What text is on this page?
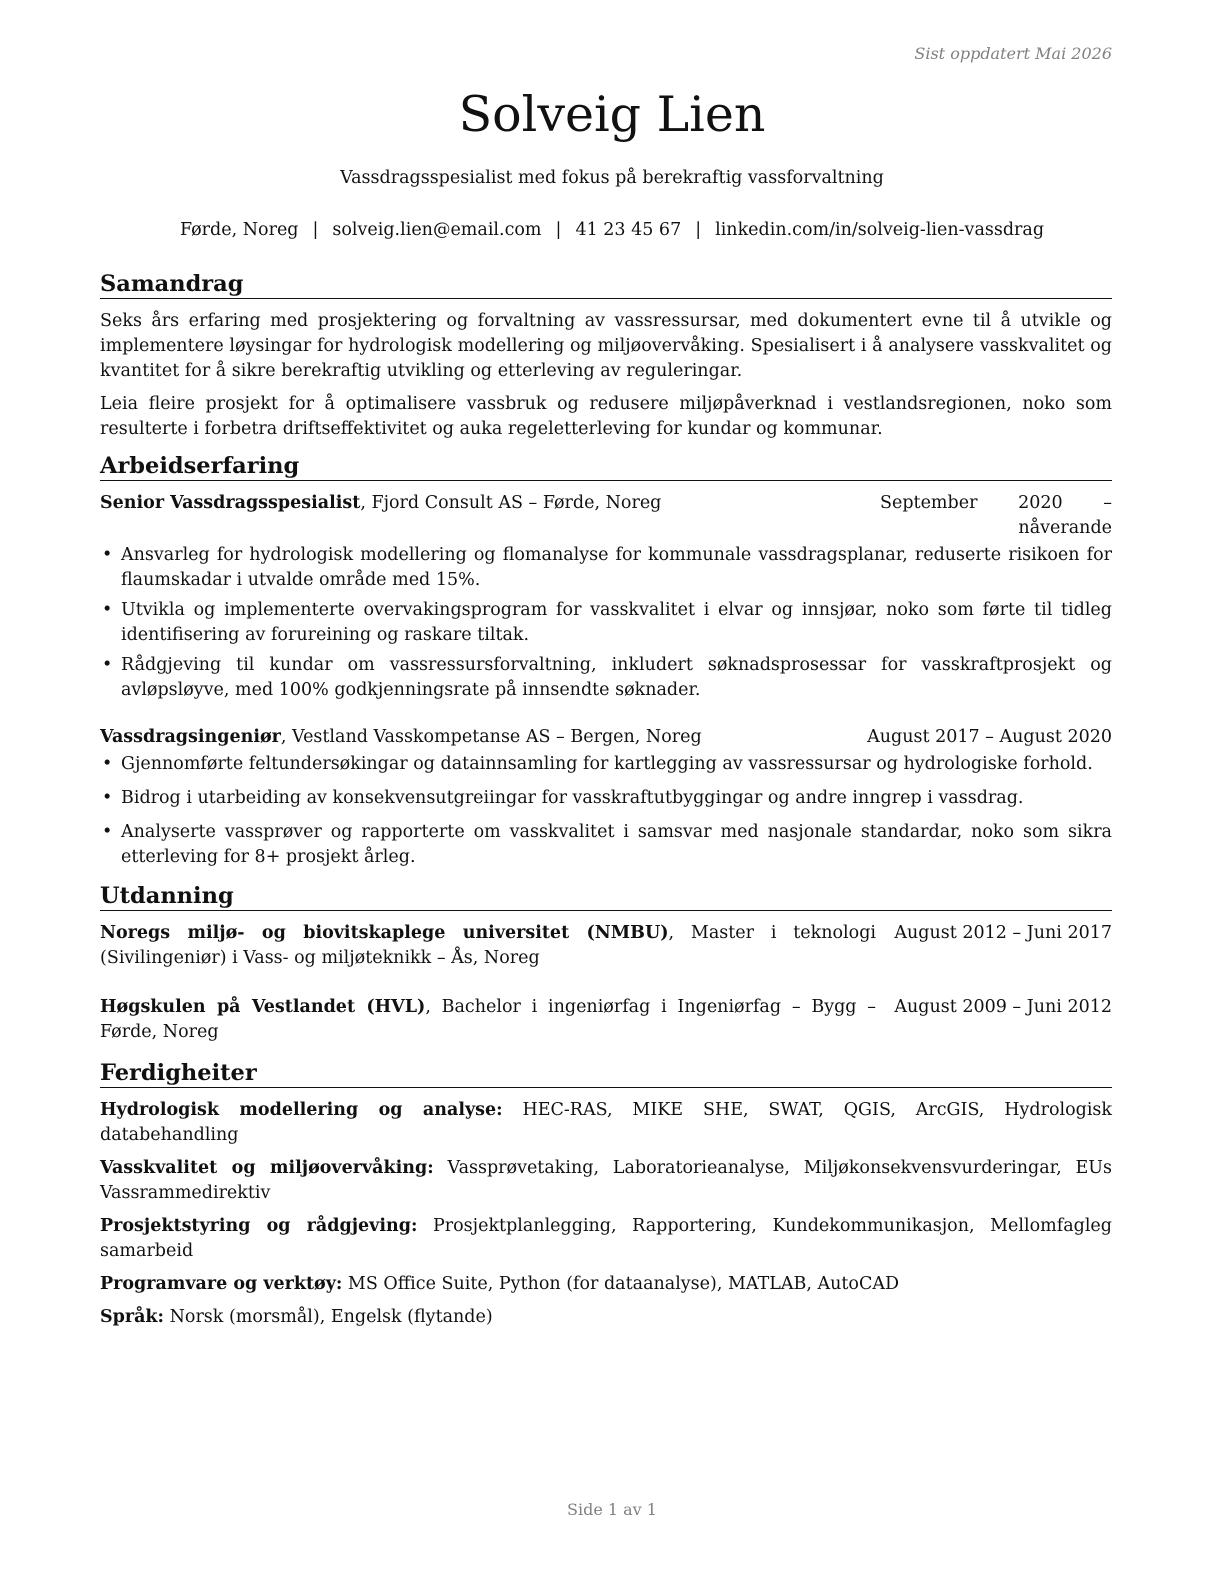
Sist oppdatert Mai 2026
Solveig Lien
Vassdragsspesialist med fokus på berekraftig vassforvaltning
Førde, Noreg | solveig.lien@email.com | 41 23 45 67 | linkedin.com/in/solveig-lien-vassdrag
Samandrag

Seks års erfaring med prosjektering og forvaltning av vassressursar, med dokumentert evne til å utvikle og implementere løysingar for hydrologisk modellering og miljøovervåking. Spesialisert i å analysere vasskvalitet og kvantitet for å sikre berekraftig utvikling og etterleving av reguleringar.

Leia fleire prosjekt for å optimalisere vassbruk og redusere miljøpåverknad i vestlandsregionen, noko som resulterte i forbetra driftseffektivitet og auka regeletterleving for kundar og kommunar.

Arbeidserfaring
Senior Vassdragsspesialist, Fjord Consult AS – Førde, Noreg	September 2020 – nåverande
• Ansvarleg for hydrologisk modellering og flomanalyse for kommunale vassdragsplanar, reduserte risikoen for flaumskadar i utvalde område med 15%.
• Utvikla og implementerte overvakingsprogram for vasskvalitet i elvar og innsjøar, noko som førte til tidleg identifisering av forureining og raskare tiltak.
• Rådgjeving til kundar om vassressursforvaltning, inkludert søknadsprosessar for vasskraftprosjekt og avløpsløyve, med 100% godkjenningsrate på innsendte søknader.
Vassdragsingeniør, Vestland Vasskompetanse AS – Bergen, Noreg	August 2017 – August 2020
• Gjennomførte feltundersøkingar og datainnsamling for kartlegging av vassressursar og hydrologiske forhold.
• Bidrog i utarbeiding av konsekvensutgreiingar for vasskraftutbyggingar og andre inngrep i vassdrag.
• Analyserte vassprøver og rapporterte om vasskvalitet i samsvar med nasjonale standardar, noko som sikra etterleving for 8+ prosjekt årleg.
Utdanning
Noregs miljø- og biovitskaplege universitet (NMBU), Master i teknologi (Sivilingeniør) i Vass- og miljøteknikk – Ås, Noreg
August 2012 – Juni 2017
Høgskulen på Vestlandet (HVL), Bachelor i ingeniørfag i Ingeniørfag – Bygg – Førde, Noreg
August 2009 – Juni 2012
Ferdigheiter

Hydrologisk modellering og analyse: HEC-RAS, MIKE SHE, SWAT, QGIS, ArcGIS, Hydrologisk databehandling

Vasskvalitet og miljøovervåking: Vassprøvetaking, Laboratorieanalyse, Miljøkonsekvensvurderingar, EUs Vassrammedirektiv

Prosjektstyring og rådgjeving: Prosjektplanlegging, Rapportering, Kundekommunikasjon, Mellomfagleg samarbeid

Programvare og verktøy: MS Office Suite, Python (for dataanalyse), MATLAB, AutoCAD

Språk: Norsk (morsmål), Engelsk (flytande)

Side 1 av 1
